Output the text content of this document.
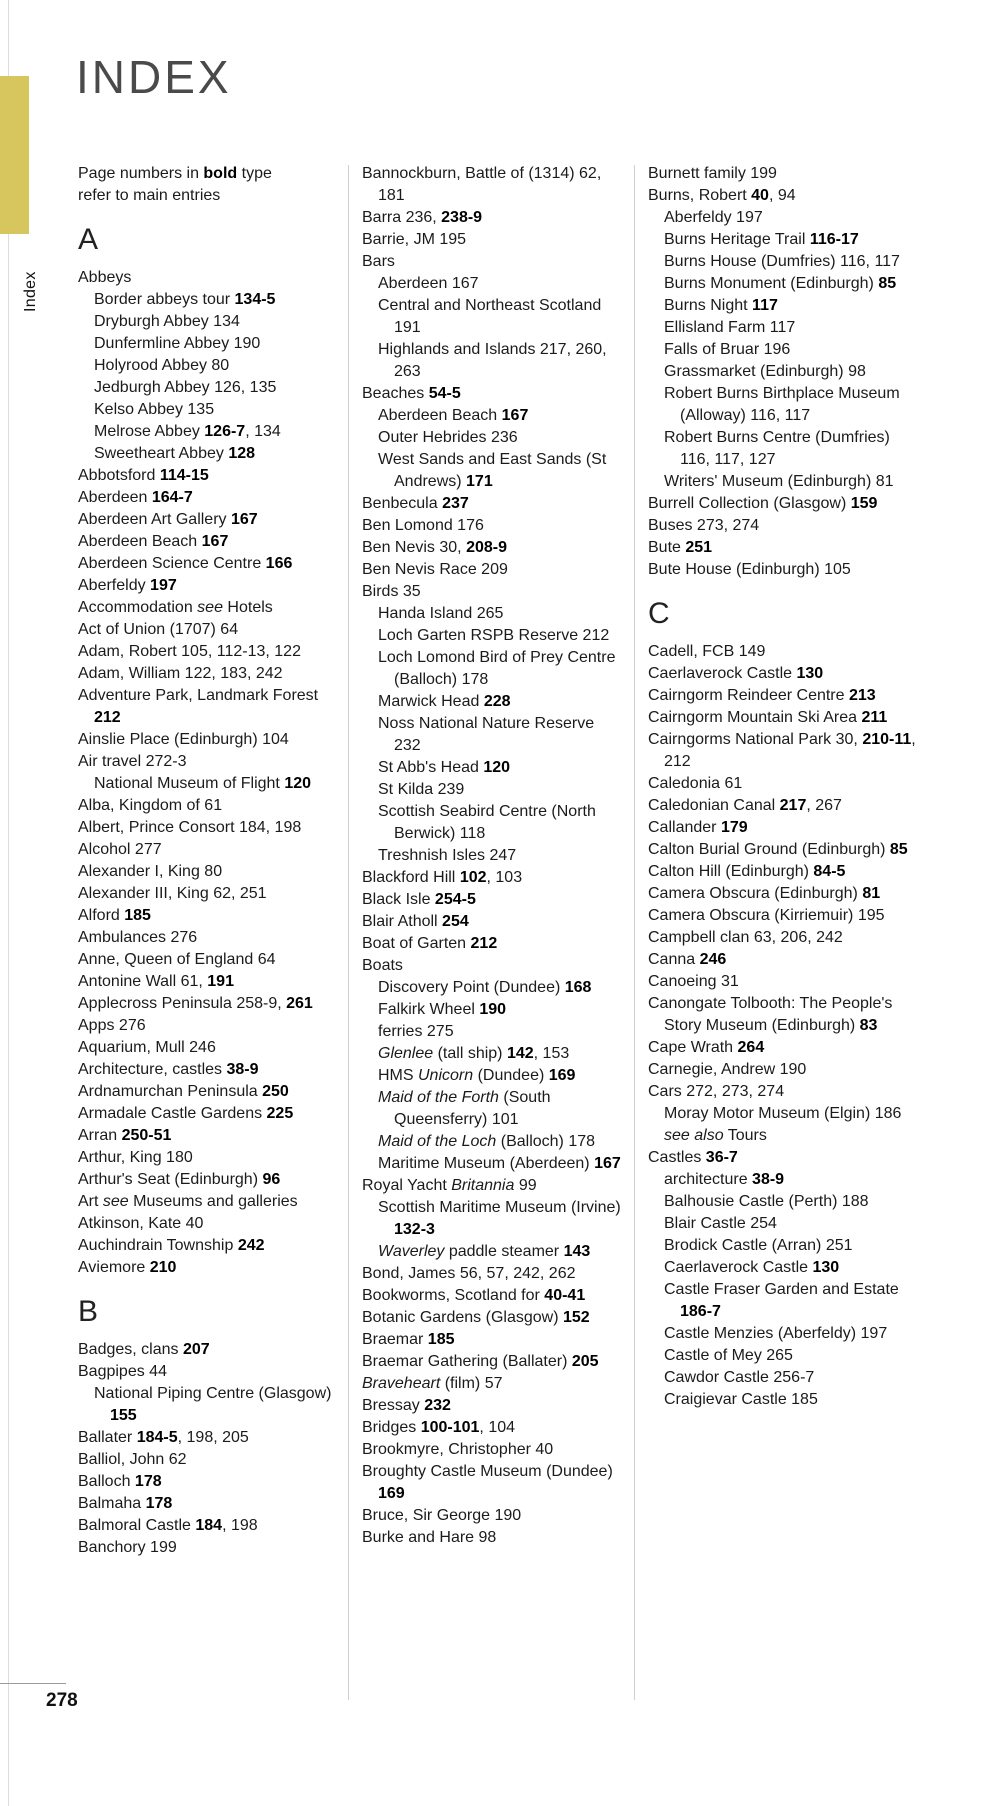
Index
INDEX
Page numbers in bold type refer to main entries
A
Abbeys
Border abbeys tour 134-5
Dryburgh Abbey 134
Dunfermline Abbey 190
Holyrood Abbey 80
Jedburgh Abbey 126, 135
Kelso Abbey 135
Melrose Abbey 126-7, 134
Sweetheart Abbey 128
Abbotsford 114-15
Aberdeen 164-7
Aberdeen Art Gallery 167
Aberdeen Beach 167
Aberdeen Science Centre 166
Aberfeldy 197
Accommodation see Hotels
Act of Union (1707) 64
Adam, Robert 105, 112-13, 122
Adam, William 122, 183, 242
Adventure Park, Landmark Forest 212
Ainslie Place (Edinburgh) 104
Air travel 272-3
National Museum of Flight 120
Alba, Kingdom of 61
Albert, Prince Consort 184, 198
Alcohol 277
Alexander I, King 80
Alexander III, King 62, 251
Alford 185
Ambulances 276
Anne, Queen of England 64
Antonine Wall 61, 191
Applecross Peninsula 258-9, 261
Apps 276
Aquarium, Mull 246
Architecture, castles 38-9
Ardnamurchan Peninsula 250
Armadale Castle Gardens 225
Arran 250-51
Arthur, King 180
Arthur's Seat (Edinburgh) 96
Art see Museums and galleries
Atkinson, Kate 40
Auchindrain Township 242
Aviemore 210
B
Badges, clans 207
Bagpipes 44
National Piping Centre (Glasgow) 155
Ballater 184-5, 198, 205
Balliol, John 62
Balloch 178
Balmaha 178
Balmoral Castle 184, 198
Banchory 199
Bannockburn, Battle of (1314) 62, 181
Barra 236, 238-9
Barrie, JM 195
Bars
Aberdeen 167
Central and Northeast Scotland 191
Highlands and Islands 217, 260, 263
Beaches 54-5
Aberdeen Beach 167
Outer Hebrides 236
West Sands and East Sands (St Andrews) 171
Benbecula 237
Ben Lomond 176
Ben Nevis 30, 208-9
Ben Nevis Race 209
Birds 35
Handa Island 265
Loch Garten RSPB Reserve 212
Loch Lomond Bird of Prey Centre (Balloch) 178
Marwick Head 228
Noss National Nature Reserve 232
St Abb's Head 120
St Kilda 239
Scottish Seabird Centre (North Berwick) 118
Treshnish Isles 247
Blackford Hill 102, 103
Black Isle 254-5
Blair Atholl 254
Boat of Garten 212
Boats
Discovery Point (Dundee) 168
Falkirk Wheel 190
ferries 275
Glenlee (tall ship) 142, 153
HMS Unicorn (Dundee) 169
Maid of the Forth (South Queensferry) 101
Maid of the Loch (Balloch) 178
Maritime Museum (Aberdeen) 167
Royal Yacht Britannia 99
Scottish Maritime Museum (Irvine) 132-3
Waverley paddle steamer 143
Bond, James 56, 57, 242, 262
Bookworms, Scotland for 40-41
Botanic Gardens (Glasgow) 152
Braemar 185
Braemar Gathering (Ballater) 205
Braveheart (film) 57
Bressay 232
Bridges 100-101, 104
Brookmyre, Christopher 40
Broughty Castle Museum (Dundee) 169
Bruce, Sir George 190
Burke and Hare 98
Burnett family 199
Burns, Robert 40, 94
Aberfeldy 197
Burns Heritage Trail 116-17
Burns House (Dumfries) 116, 117
Burns Monument (Edinburgh) 85
Burns Night 117
Ellisland Farm 117
Falls of Bruar 196
Grassmarket (Edinburgh) 98
Robert Burns Birthplace Museum (Alloway) 116, 117
Robert Burns Centre (Dumfries) 116, 117, 127
Writers' Museum (Edinburgh) 81
Burrell Collection (Glasgow) 159
Buses 273, 274
Bute 251
Bute House (Edinburgh) 105
C
Cadell, FCB 149
Caerlaverock Castle 130
Cairngorm Reindeer Centre 213
Cairngorm Mountain Ski Area 211
Cairngorms National Park 30, 210-11, 212
Caledonia 61
Caledonian Canal 217, 267
Callander 179
Calton Burial Ground (Edinburgh) 85
Calton Hill (Edinburgh) 84-5
Camera Obscura (Edinburgh) 81
Camera Obscura (Kirriemuir) 195
Campbell clan 63, 206, 242
Canna 246
Canoeing 31
Canongate Tolbooth: The People's Story Museum (Edinburgh) 83
Cape Wrath 264
Carnegie, Andrew 190
Cars 272, 273, 274
Moray Motor Museum (Elgin) 186
see also Tours
Castles 36-7
architecture 38-9
Balhousie Castle (Perth) 188
Blair Castle 254
Brodick Castle (Arran) 251
Caerlaverock Castle 130
Castle Fraser Garden and Estate 186-7
Castle Menzies (Aberfeldy) 197
Castle of Mey 265
Cawdor Castle 256-7
Craigievar Castle 185
278
